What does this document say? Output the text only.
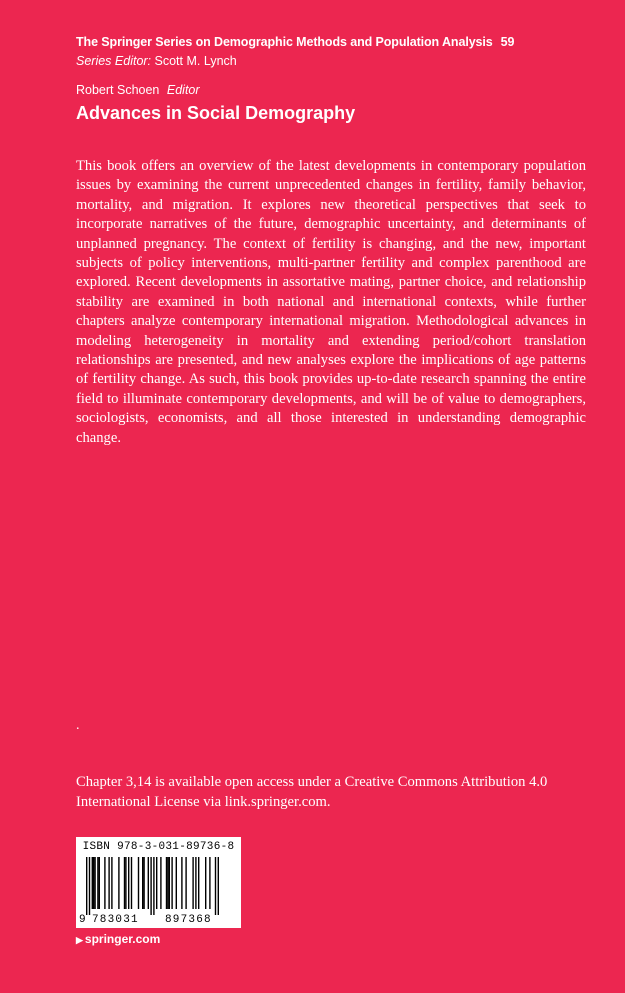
The Springer Series on Demographic Methods and Population Analysis 59
Series Editor: Scott M. Lynch
Robert Schoen Editor
Advances in Social Demography

This book offers an overview of the latest developments in contemporary population issues by examining the current unprecedented changes in fertility, family behavior, mortality, and migration. It explores new theoretical perspectives that seek to incorporate narratives of the future, demographic uncertainty, and determinants of unplanned pregnancy. The context of fertility is changing, and the new, important subjects of policy interventions, multi-partner fertility and complex parenthood are explored. Recent developments in assortative mating, partner choice, and relationship stability are examined in both national and international contexts, while further chapters analyze contemporary international migration. Methodological advances in modeling heterogeneity in mortality and extending period/cohort translation relationships are presented, and new analyses explore the implications of age patterns of fertility change. As such, this book provides up-to-date research spanning the entire field to illuminate contemporary developments, and will be of value to demographers, sociologists, economists, and all those interested in understanding demographic change.

.

Chapter 3,14 is available open access under a Creative Commons Attribution 4.0 International License via link.springer.com.

ISBN 978-3-031-89736-8
9 783031 897368
▶ springer.com
